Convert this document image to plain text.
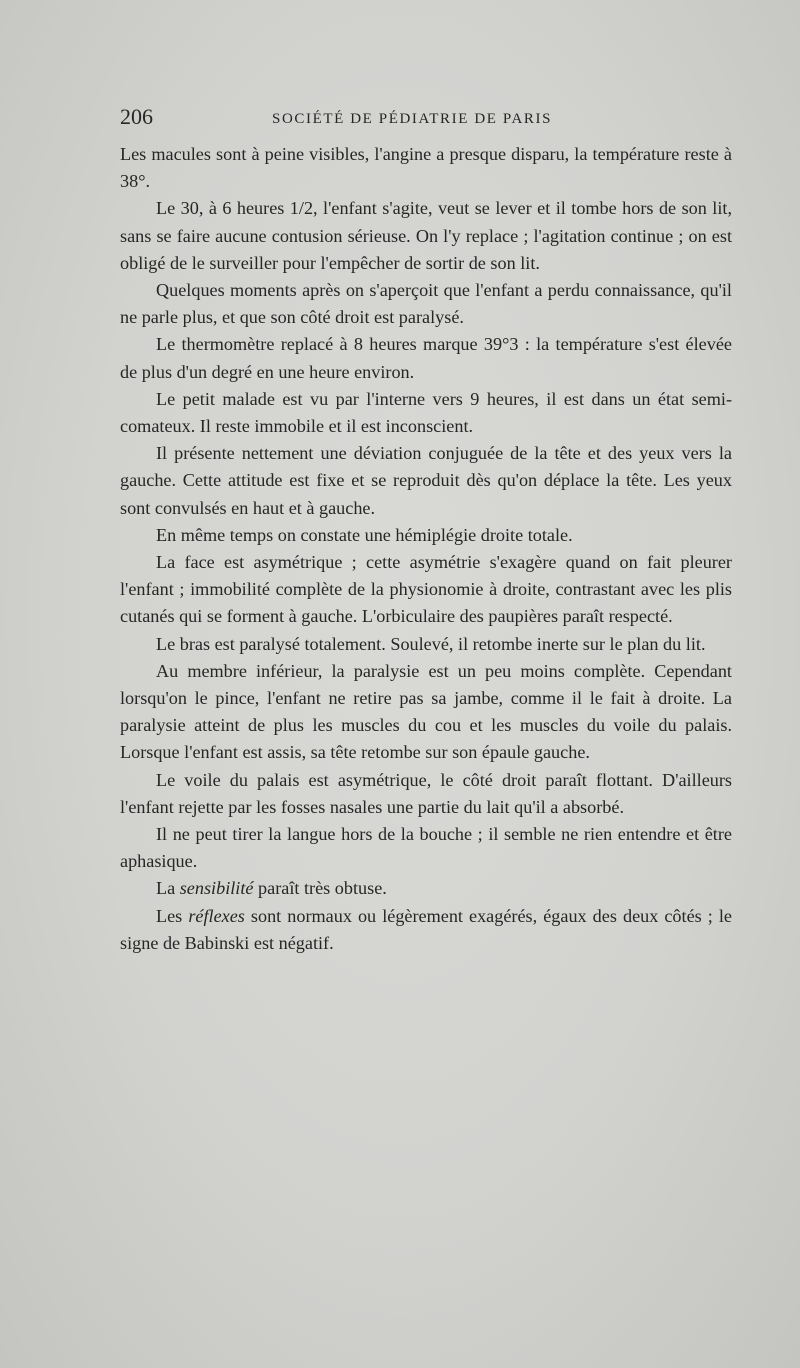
206	SOCIÉTÉ DE PÉDIATRIE DE PARIS

Les macules sont à peine visibles, l'angine a presque disparu, la température reste à 38°.

Le 30, à 6 heures 1/2, l'enfant s'agite, veut se lever et il tombe hors de son lit, sans se faire aucune contusion sérieuse. On l'y replace ; l'agitation continue ; on est obligé de le surveiller pour l'empêcher de sortir de son lit.

Quelques moments après on s'aperçoit que l'enfant a perdu connaissance, qu'il ne parle plus, et que son côté droit est paralysé.

Le thermomètre replacé à 8 heures marque 39°3 : la température s'est élevée de plus d'un degré en une heure environ.

Le petit malade est vu par l'interne vers 9 heures, il est dans un état semi-comateux. Il reste immobile et il est inconscient.

Il présente nettement une déviation conjuguée de la tête et des yeux vers la gauche. Cette attitude est fixe et se reproduit dès qu'on déplace la tête. Les yeux sont convulsés en haut et à gauche.

En même temps on constate une hémiplégie droite totale.

La face est asymétrique ; cette asymétrie s'exagère quand on fait pleurer l'enfant ; immobilité complète de la physionomie à droite, contrastant avec les plis cutanés qui se forment à gauche. L'orbiculaire des paupières paraît respecté.

Le bras est paralysé totalement. Soulevé, il retombe inerte sur le plan du lit.

Au membre inférieur, la paralysie est un peu moins complète. Cependant lorsqu'on le pince, l'enfant ne retire pas sa jambe, comme il le fait à droite. La paralysie atteint de plus les muscles du cou et les muscles du voile du palais. Lorsque l'enfant est assis, sa tête retombe sur son épaule gauche.

Le voile du palais est asymétrique, le côté droit paraît flottant. D'ailleurs l'enfant rejette par les fosses nasales une partie du lait qu'il a absorbé.

Il ne peut tirer la langue hors de la bouche ; il semble ne rien entendre et être aphasique.

La sensibilité paraît très obtuse.

Les réflexes sont normaux ou légèrement exagérés, égaux des deux côtés ; le signe de Babinski est négatif.
